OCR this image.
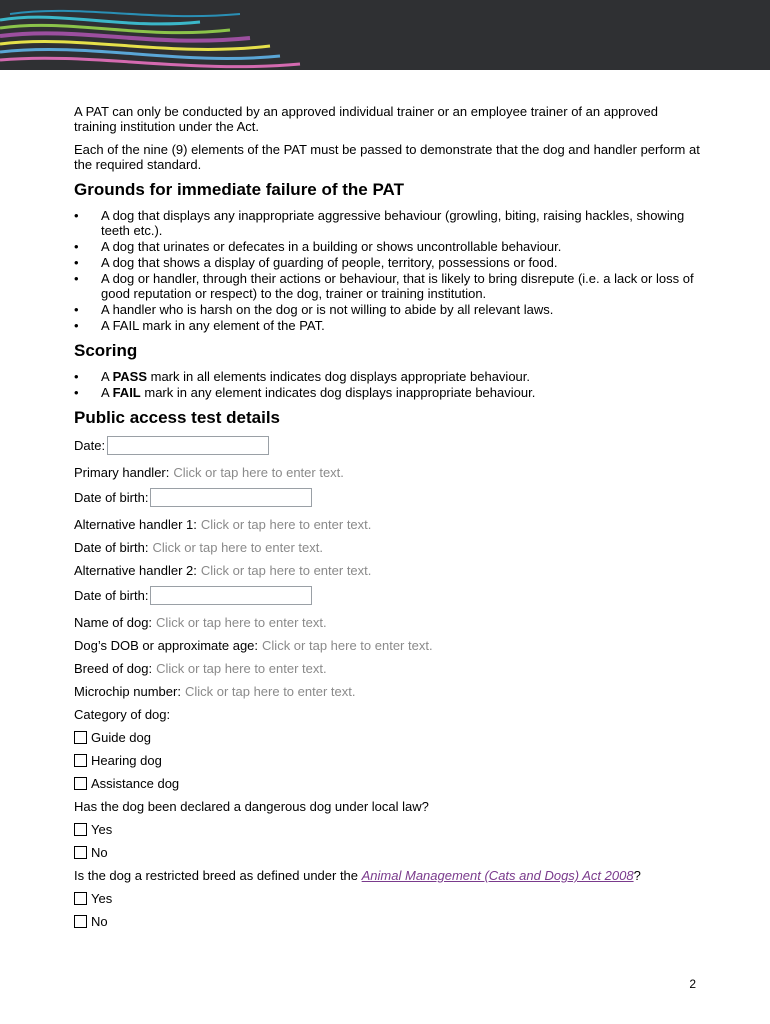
A PAT can only be conducted by an approved individual trainer or an employee trainer of an approved training institution under the Act.

Each of the nine (9) elements of the PAT must be passed to demonstrate that the dog and handler perform at the required standard.

Grounds for immediate failure of the PAT
• A dog that displays any inappropriate aggressive behaviour (growling, biting, raising hackles, showing teeth etc.).
• A dog that urinates or defecates in a building or shows uncontrollable behaviour.
• A dog that shows a display of guarding of people, territory, possessions or food.
• A dog or handler, through their actions or behaviour, that is likely to bring disrepute (i.e. a lack or loss of good reputation or respect) to the dog, trainer or training institution.
• A handler who is harsh on the dog or is not willing to abide by all relevant laws.
• A FAIL mark in any element of the PAT.
Scoring
• A PASS mark in all elements indicates dog displays appropriate behaviour.
• A FAIL mark in any element indicates dog displays inappropriate behaviour.
Public access test details
Date:
Primary handler: Click or tap here to enter text.
Date of birth:
Alternative handler 1: Click or tap here to enter text.
Date of birth: Click or tap here to enter text.
Alternative handler 2: Click or tap here to enter text.
Date of birth:
Name of dog: Click or tap here to enter text.
Dog’s DOB or approximate age: Click or tap here to enter text.
Breed of dog: Click or tap here to enter text.
Microchip number: Click or tap here to enter text.
Category of dog:
Guide dog
Hearing dog
Assistance dog
Has the dog been declared a dangerous dog under local law?
Yes
No
Is the dog a restricted breed as defined under the Animal Management (Cats and Dogs) Act 2008?
Yes
No
2
